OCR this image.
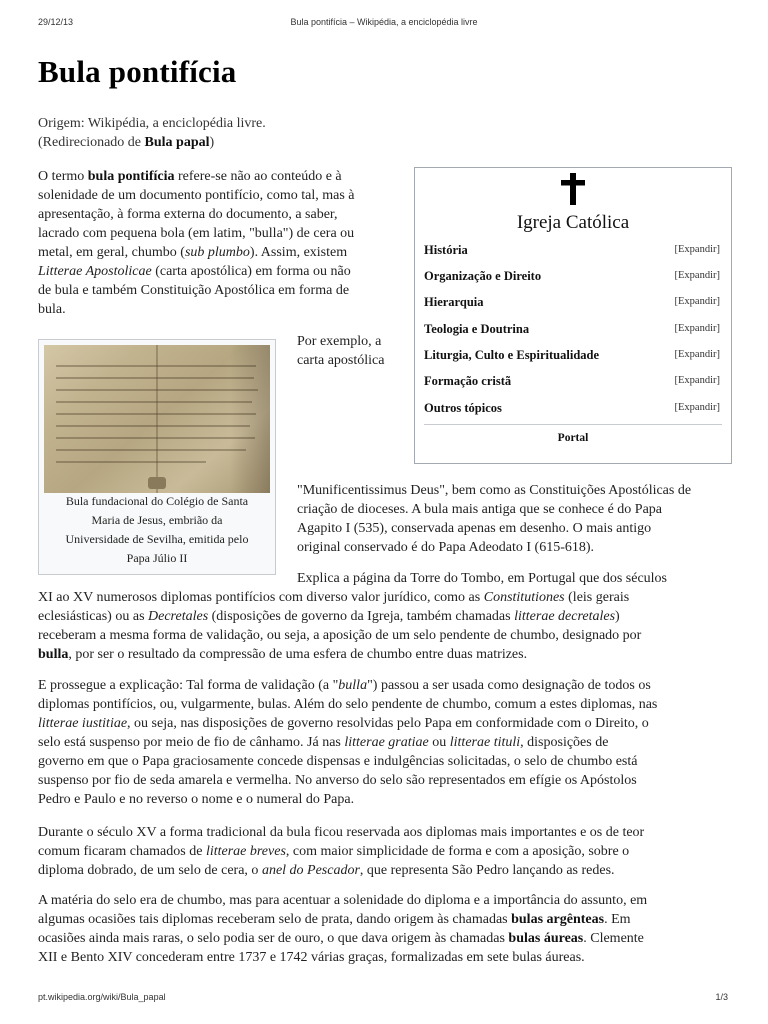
29/12/13	Bula pontifícia – Wikipédia, a enciclopédia livre
Bula pontifícia
Origem: Wikipédia, a enciclopédia livre.
(Redirecionado de Bula papal)
O termo bula pontifícia refere-se não ao conteúdo e à
solenidade de um documento pontifício, como tal, mas à
apresentação, à forma externa do documento, a saber,
lacrado com pequena bola (em latim, "bulla") de cera ou
metal, em geral, chumbo (sub plumbo). Assim, existem
Litterae Apostolicae (carta apostólica) em forma ou não
de bula e também Constituição Apostólica em forma de
bula.
Bula fundacional do Colégio de Santa
Maria de Jesus, embrião da
Universidade de Sevilha, emitida pelo
Papa Júlio II
Por exemplo, a
carta apostólica
Igreja Católica
História	[Expandir]
Organização e Direito	[Expandir]
Hierarquia	[Expandir]
Teologia e Doutrina	[Expandir]
Liturgia, Culto e Espiritualidade	[Expandir]
Formação cristã	[Expandir]
Outros tópicos	[Expandir]
Portal
"Munificentissimus Deus", bem como as Constituições Apostólicas de
criação de dioceses. A bula mais antiga que se conhece é do Papa
Agapito I (535), conservada apenas em desenho. O mais antigo
original conservado é do Papa Adeodato I (615-618).
Explica a página da Torre do Tombo, em Portugal que dos séculos
XI ao XV numerosos diplomas pontifícios com diverso valor jurídico, como as Constitutiones (leis gerais
eclesiásticas) ou as Decretales (disposições de governo da Igreja, também chamadas litterae decretales)
receberam a mesma forma de validação, ou seja, a aposição de um selo pendente de chumbo, designado por
bulla, por ser o resultado da compressão de uma esfera de chumbo entre duas matrizes.
E prossegue a explicação: Tal forma de validação (a "bulla") passou a ser usada como designação de todos os
diplomas pontifícios, ou, vulgarmente, bulas. Além do selo pendente de chumbo, comum a estes diplomas, nas
litterae iustitiae, ou seja, nas disposições de governo resolvidas pelo Papa em conformidade com o Direito, o
selo está suspenso por meio de fio de cânhamo. Já nas litterae gratiae ou litterae tituli, disposições de
governo em que o Papa graciosamente concede dispensas e indulgências solicitadas, o selo de chumbo está
suspenso por fio de seda amarela e vermelha. No anverso do selo são representados em efígie os Apóstolos
Pedro e Paulo e no reverso o nome e o numeral do Papa.
Durante o século XV a forma tradicional da bula ficou reservada aos diplomas mais importantes e os de teor
comum ficaram chamados de litterae breves, com maior simplicidade de forma e com a aposição, sobre o
diploma dobrado, de um selo de cera, o anel do Pescador, que representa São Pedro lançando as redes.
A matéria do selo era de chumbo, mas para acentuar a solenidade do diploma e a importância do assunto, em
algumas ocasiões tais diplomas receberam selo de prata, dando origem às chamadas bulas argênteas. Em
ocasiões ainda mais raras, o selo podia ser de ouro, o que dava origem às chamadas bulas áureas. Clemente
XII e Bento XIV concederam entre 1737 e 1742 várias graças, formalizadas em sete bulas áureas.
pt.wikipedia.org/wiki/Bula_papal	1/3
